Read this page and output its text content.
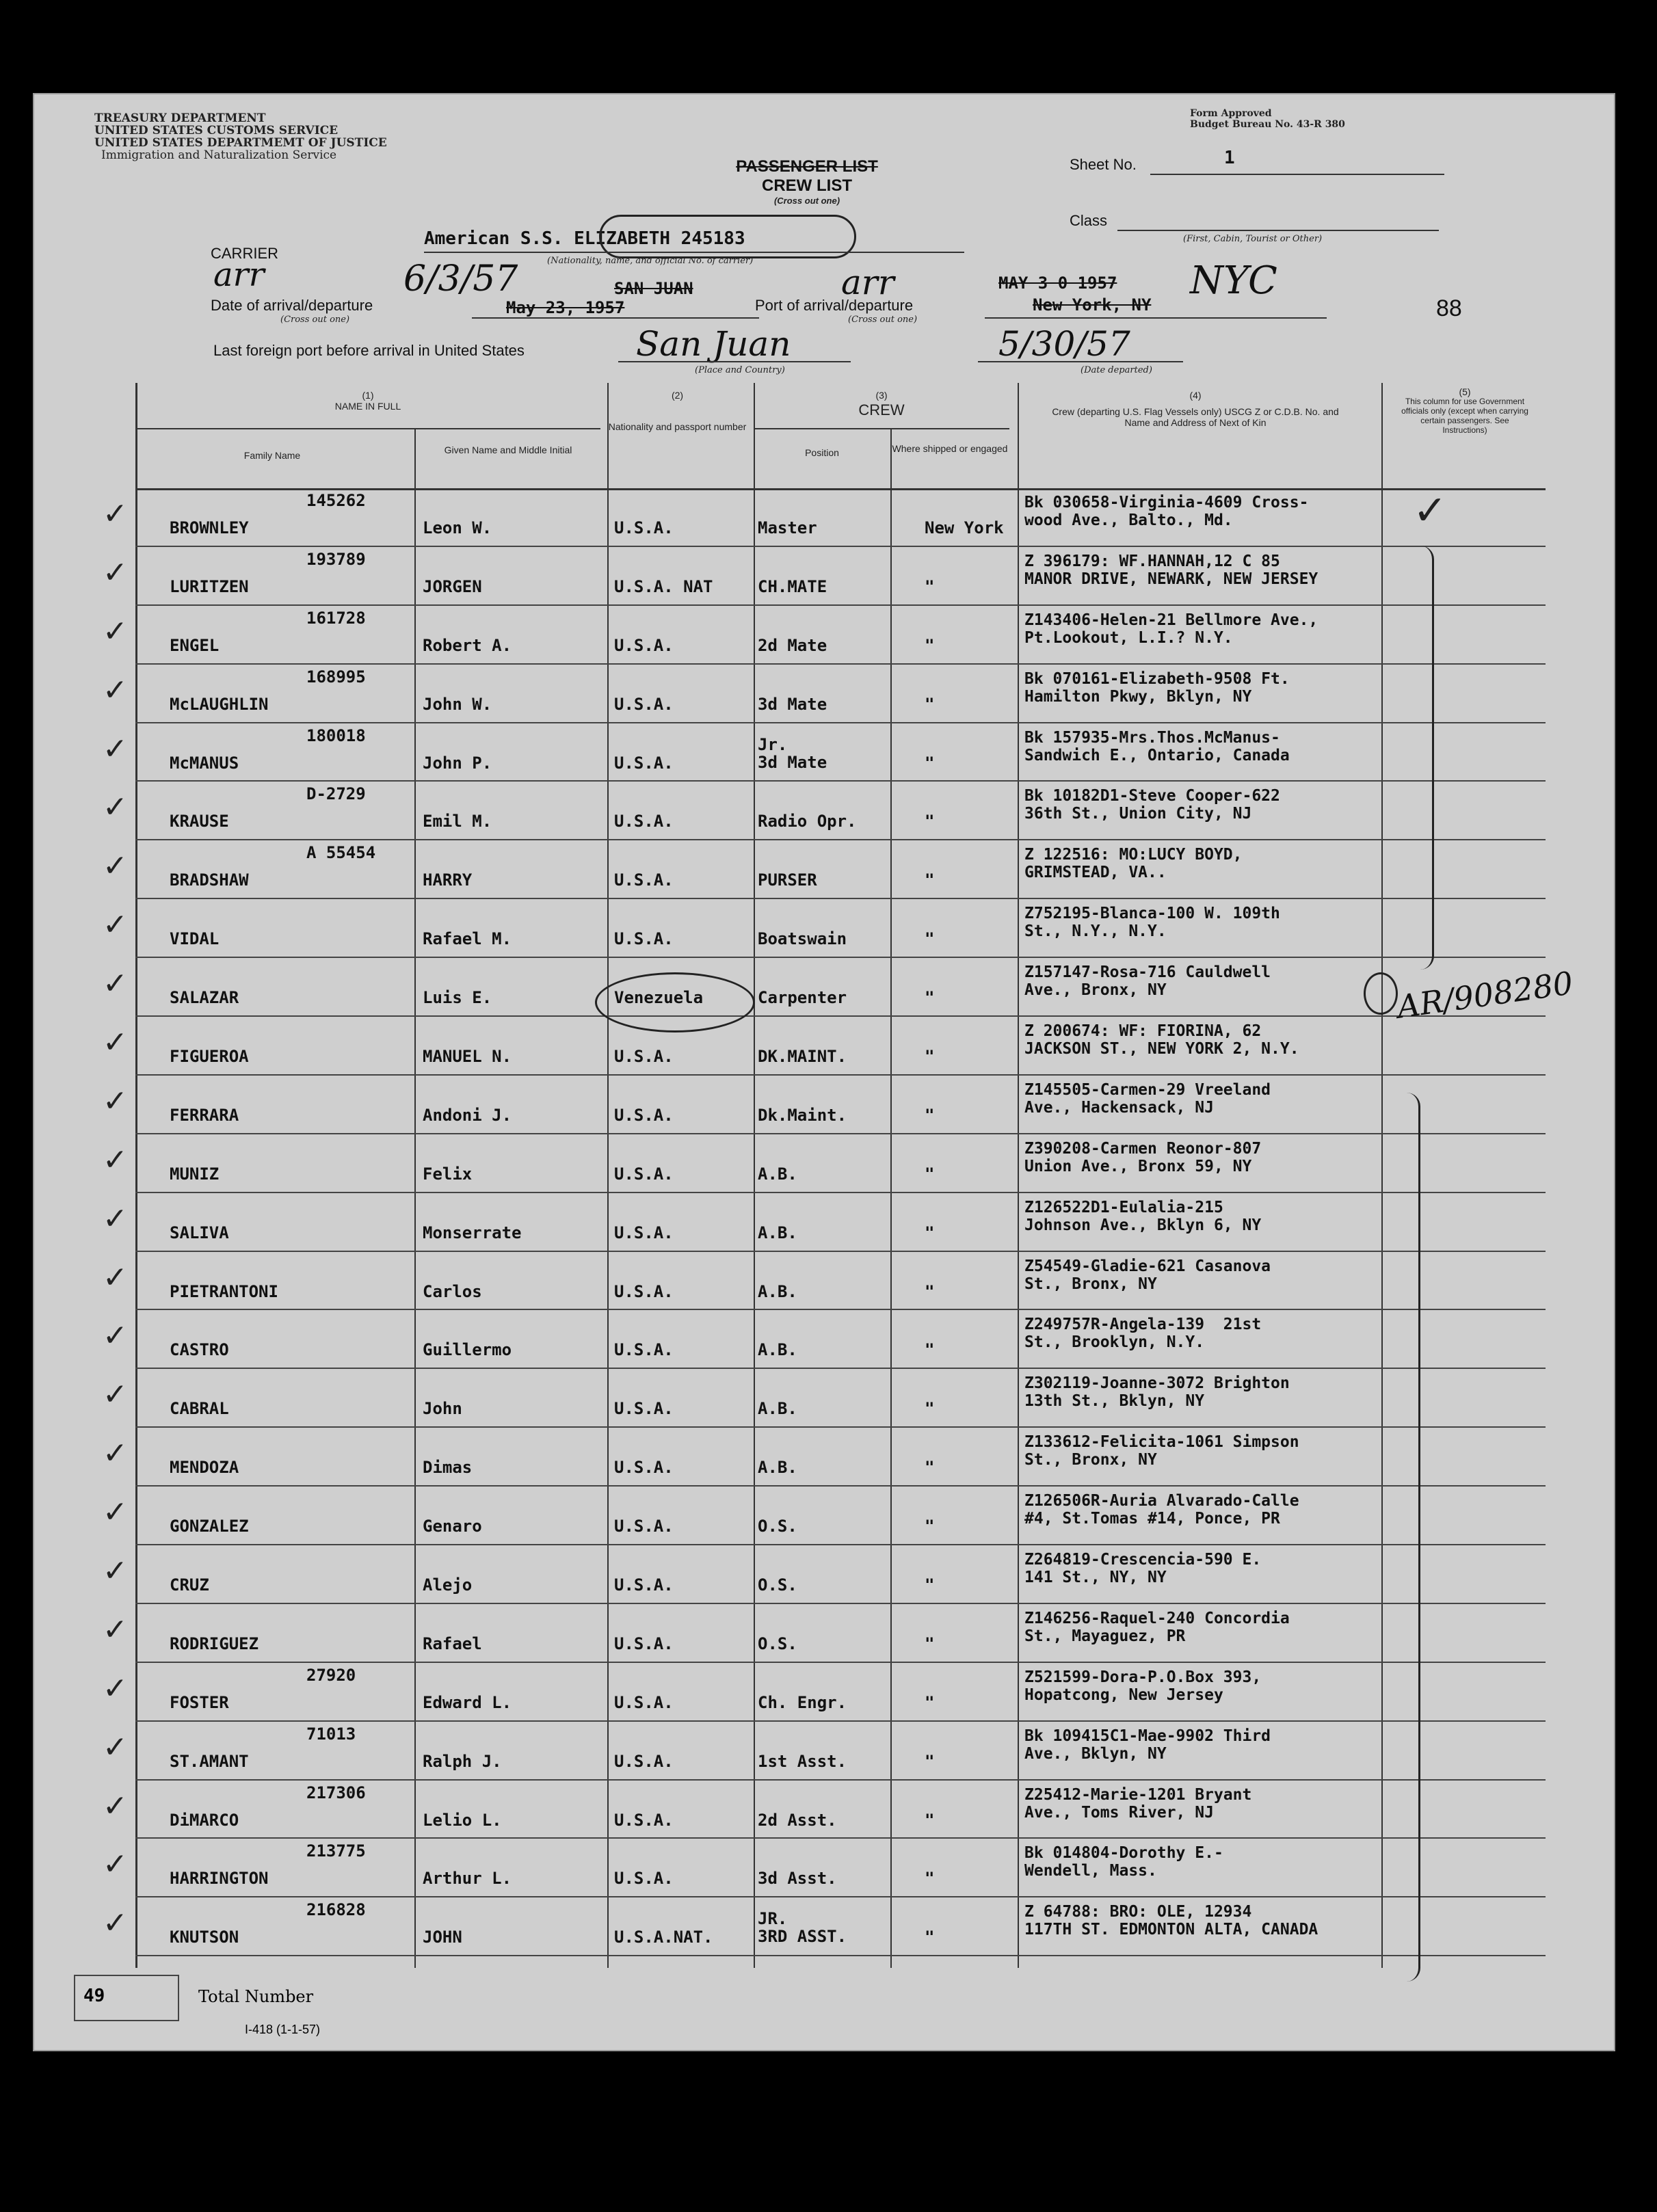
TREASURY DEPARTMENT
UNITED STATES CUSTOMS SERVICE
UNITED STATES DEPARTMEMT OF JUSTICE
Immigration and Naturalization Service
Form Approved
Budget Bureau No. 43-R 380
PASSENGER LIST
CREW LIST
(Cross out one)
Sheet No.	1
Class
(First, Cabin, Tourist or Other)
CARRIER
American S.S. ELIZABETH 245183
(Nationality, name, and official No. of carrier)
arr	6/3/57
Date of arrival/departure
(Cross out one)
SAN JUAN
May 23, 1957	Port of arrival/departure
(Cross out one)
arr	MAY 3 0 1957
New York, NY
NYC
88
Last foreign port before arrival in United States	San Juan
(Place and Country)
5/30/57
(Date departed)
(1)
NAME IN FULL
Family Name	Given Name and Middle Initial
(2)
Nationality and passport number
(3)
CREW
Position	Where shipped or engaged
(4)
Crew (departing U.S. Flag Vessels only) USCG Z or C.D.B. No. and Name and Address of Next of Kin
(5)
This column for use Government officials only (except when carrying certain passengers. See Instructions)
145262
BROWNLEY	Leon W.	U.S.A.	Master	New York
Bk 030658-Virginia-4609 Cross-
wood Ave., Balto., Md.
✓
193789
LURITZEN	JORGEN	U.S.A. NAT	CH.MATE	"
Z 396179: WF.HANNAH,12 C 85
MANOR DRIVE, NEWARK, NEW JERSEY
✓
161728
ENGEL	Robert A.	U.S.A.	2d Mate	"
Z143406-Helen-21 Bellmore Ave.,
Pt.Lookout, L.I.? N.Y.
✓
168995
McLAUGHLIN	John W.	U.S.A.	3d Mate	"
Bk 070161-Elizabeth-9508 Ft.
Hamilton Pkwy, Bklyn, NY
✓
180018
McMANUS	John P.	U.S.A.
Jr.
3d Mate	"
Bk 157935-Mrs.Thos.McManus-
Sandwich E., Ontario, Canada
✓
D-2729
KRAUSE	Emil M.	U.S.A.	Radio Opr.	"
Bk 10182D1-Steve Cooper-622
36th St., Union City, NJ
✓
A 55454
BRADSHAW	HARRY	U.S.A.	PURSER	"
Z 122516: MO:LUCY BOYD,
GRIMSTEAD, VA..
✓
VIDAL	Rafael M.	U.S.A.	Boatswain	"
Z752195-Blanca-100 W. 109th
St., N.Y., N.Y.
✓
SALAZAR	Luis E.	Venezuela	Carpenter	"
Z157147-Rosa-716 Cauldwell
Ave., Bronx, NY
✓
FIGUEROA	MANUEL N.	U.S.A.	DK.MAINT.	"
Z 200674: WF: FIORINA, 62
JACKSON ST., NEW YORK 2, N.Y.
✓
FERRARA	Andoni J.	U.S.A.	Dk.Maint.	"
Z145505-Carmen-29 Vreeland
Ave., Hackensack, NJ
✓
MUNIZ	Felix	U.S.A.	A.B.	"
Z390208-Carmen Reonor-807
Union Ave., Bronx 59, NY
✓
SALIVA	Monserrate	U.S.A.	A.B.	"
Z126522D1-Eulalia-215
Johnson Ave., Bklyn 6, NY
✓
PIETRANTONI	Carlos	U.S.A.	A.B.	"
Z54549-Gladie-621 Casanova
St., Bronx, NY
✓
CASTRO	Guillermo	U.S.A.	A.B.	"
Z249757R-Angela-139  21st
St., Brooklyn, N.Y.
✓
CABRAL	John	U.S.A.	A.B.	"
Z302119-Joanne-3072 Brighton
13th St., Bklyn, NY
✓
MENDOZA	Dimas	U.S.A.	A.B.	"
Z133612-Felicita-1061 Simpson
St., Bronx, NY
✓
GONZALEZ	Genaro	U.S.A.	O.S.	"
Z126506R-Auria Alvarado-Calle
#4, St.Tomas #14, Ponce, PR
✓
CRUZ	Alejo	U.S.A.	O.S.	"
Z264819-Crescencia-590 E.
141 St., NY, NY
✓
RODRIGUEZ	Rafael	U.S.A.	O.S.	"
Z146256-Raquel-240 Concordia
St., Mayaguez, PR
✓
27920
FOSTER	Edward L.	U.S.A.	Ch. Engr.	"
Z521599-Dora-P.O.Box 393,
Hopatcong, New Jersey
✓
71013
ST.AMANT	Ralph J.	U.S.A.	1st Asst.	"
Bk 109415C1-Mae-9902 Third
Ave., Bklyn, NY
✓
217306
DiMARCO	Lelio L.	U.S.A.	2d Asst.	"
Z25412-Marie-1201 Bryant
Ave., Toms River, NJ
✓
213775
HARRINGTON	Arthur L.	U.S.A.	3d Asst.	"
Bk 014804-Dorothy E.-
Wendell, Mass.
✓
216828
KNUTSON	JOHN	U.S.A.NAT.
JR.
3RD ASST.	"
Z 64788: BRO: OLE, 12934
117TH ST. EDMONTON ALTA, CANADA
✓
AR/908280
✓
49	Total Number
I-418 (1-1-57)
